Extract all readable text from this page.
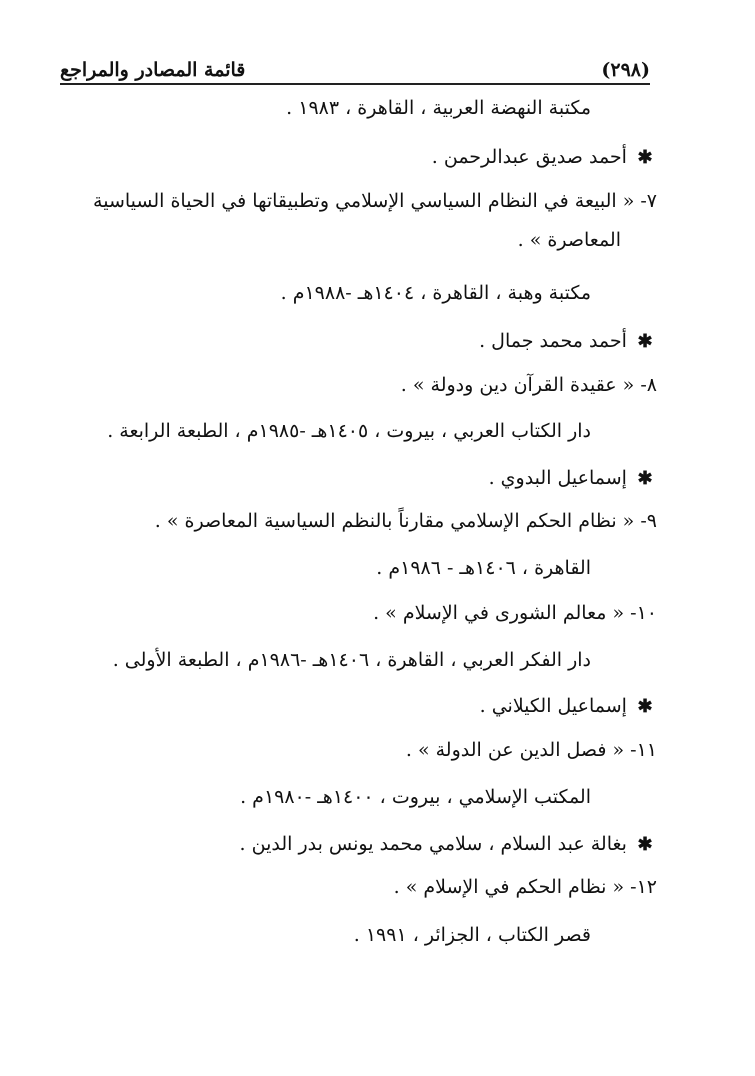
(٢٩٨)
قائمة المصادر والمراجع
مكتبة النهضة العربية ، القاهرة ، ١٩٨٣ .
✱ أحمد صديق عبدالرحمن .
٧- « البيعة في النظام السياسي الإسلامي وتطبيقاتها في الحياة السياسية
المعاصرة » .
مكتبة وهبة ، القاهرة ، ١٤٠٤هـ -١٩٨٨م .
✱ أحمد محمد جمال .
٨- « عقيدة القرآن دين ودولة » .
دار الكتاب العربي ، بيروت ، ١٤٠٥هـ -١٩٨٥م ، الطبعة الرابعة .
✱ إسماعيل البدوي .
٩- « نظام الحكم الإسلامي مقارناً بالنظم السياسية المعاصرة » .
القاهرة ، ١٤٠٦هـ - ١٩٨٦م .
١٠- « معالم الشورى في الإسلام » .
دار الفكر العربي ، القاهرة ، ١٤٠٦هـ -١٩٨٦م ، الطبعة الأولى .
✱ إسماعيل الكيلاني .
١١- « فصل الدين عن الدولة » .
المكتب الإسلامي ، بيروت ، ١٤٠٠هـ -١٩٨٠م .
✱ بغالة عبد السلام ، سلامي محمد يونس بدر الدين .
١٢- « نظام الحكم في الإسلام » .
قصر الكتاب ، الجزائر ، ١٩٩١ .
